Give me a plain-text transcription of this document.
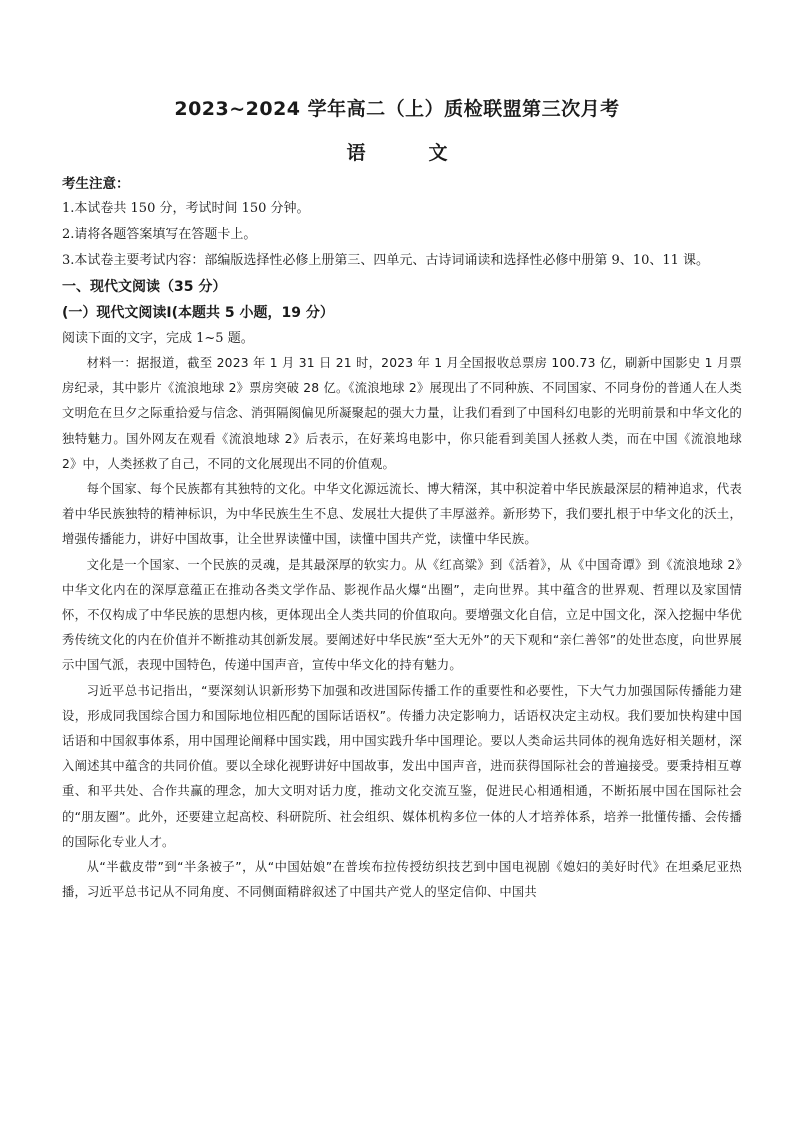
2023~2024 学年高二（上）质检联盟第三次月考
语　文
考生注意：
1.本试卷共 150 分，考试时间 150 分钟。
2.请将各题答案填写在答题卡上。
3.本试卷主要考试内容：部编版选择性必修上册第三、四单元、古诗词诵读和选择性必修中册第 9、10、11 课。
一、现代文阅读（35 分）
(一）现代文阅读Ⅰ(本题共 5 小题，19 分）
阅读下面的文字，完成 1~5 题。

材料一：据报道，截至 2023 年 1 月 31 日 21 时，2023 年 1 月全国报收总票房 100.73 亿，刷新中国影史 1 月票房纪录，其中影片《流浪地球 2》票房突破 28 亿。《流浪地球 2》展现出了不同种族、不同国家、不同身份的普通人在人类文明危在旦夕之际重拾爱与信念、消弭隔阂偏见所凝聚起的强大力量，让我们看到了中国科幻电影的光明前景和中华文化的独特魅力。国外网友在观看《流浪地球 2》后表示，在好莱坞电影中，你只能看到美国人拯救人类，而在中国《流浪地球 2》中，人类拯救了自己，不同的文化展现出不同的价值观。

每个国家、每个民族都有其独特的文化。中华文化源远流长、博大精深，其中积淀着中华民族最深层的精神追求，代表着中华民族独特的精神标识，为中华民族生生不息、发展壮大提供了丰厚滋养。新形势下，我们要扎根于中华文化的沃土，增强传播能力，讲好中国故事，让全世界读懂中国，读懂中国共产党，读懂中华民族。

文化是一个国家、一个民族的灵魂，是其最深厚的软实力。从《红高粱》到《活着》，从《中国奇谭》到《流浪地球 2》中华文化内在的深厚意蕴正在推动各类文学作品、影视作品火爆“出圈”，走向世界。其中蕴含的世界观、哲理以及家国情怀，不仅构成了中华民族的思想内核，更体现出全人类共同的价值取向。要增强文化自信，立足中国文化，深入挖掘中华优秀传统文化的内在价值并不断推动其创新发展。要阐述好中华民族“至大无外”的天下观和“亲仁善邻”的处世态度，向世界展示中国气派，表现中国特色，传递中国声音，宣传中华文化的持有魅力。

习近平总书记指出，“要深刻认识新形势下加强和改进国际传播工作的重要性和必要性，下大气力加强国际传播能力建设，形成同我国综合国力和国际地位相匹配的国际话语权”。传播力决定影响力，话语权决定主动权。我们要加快构建中国话语和中国叙事体系，用中国理论阐释中国实践，用中国实践升华中国理论。要以人类命运共同体的视角选好相关题材，深入阐述其中蕴含的共同价值。要以全球化视野讲好中国故事，发出中国声音，进而获得国际社会的普遍接受。要秉持相互尊重、和平共处、合作共赢的理念，加大文明对话力度，推动文化交流互鉴，促进民心相通相通，不断拓展中国在国际社会的“朋友圈”。此外，还要建立起高校、科研院所、社会组织、媒体机构多位一体的人才培养体系，培养一批懂传播、会传播的国际化专业人才。

从“半截皮带”到“半条被子”，从“中国姑娘”在普埃布拉传授纺织技艺到中国电视剧《媳妇的美好时代》在坦桑尼亚热播，习近平总书记从不同角度、不同侧面精辟叙述了中国共产党人的坚定信仰、中国共
